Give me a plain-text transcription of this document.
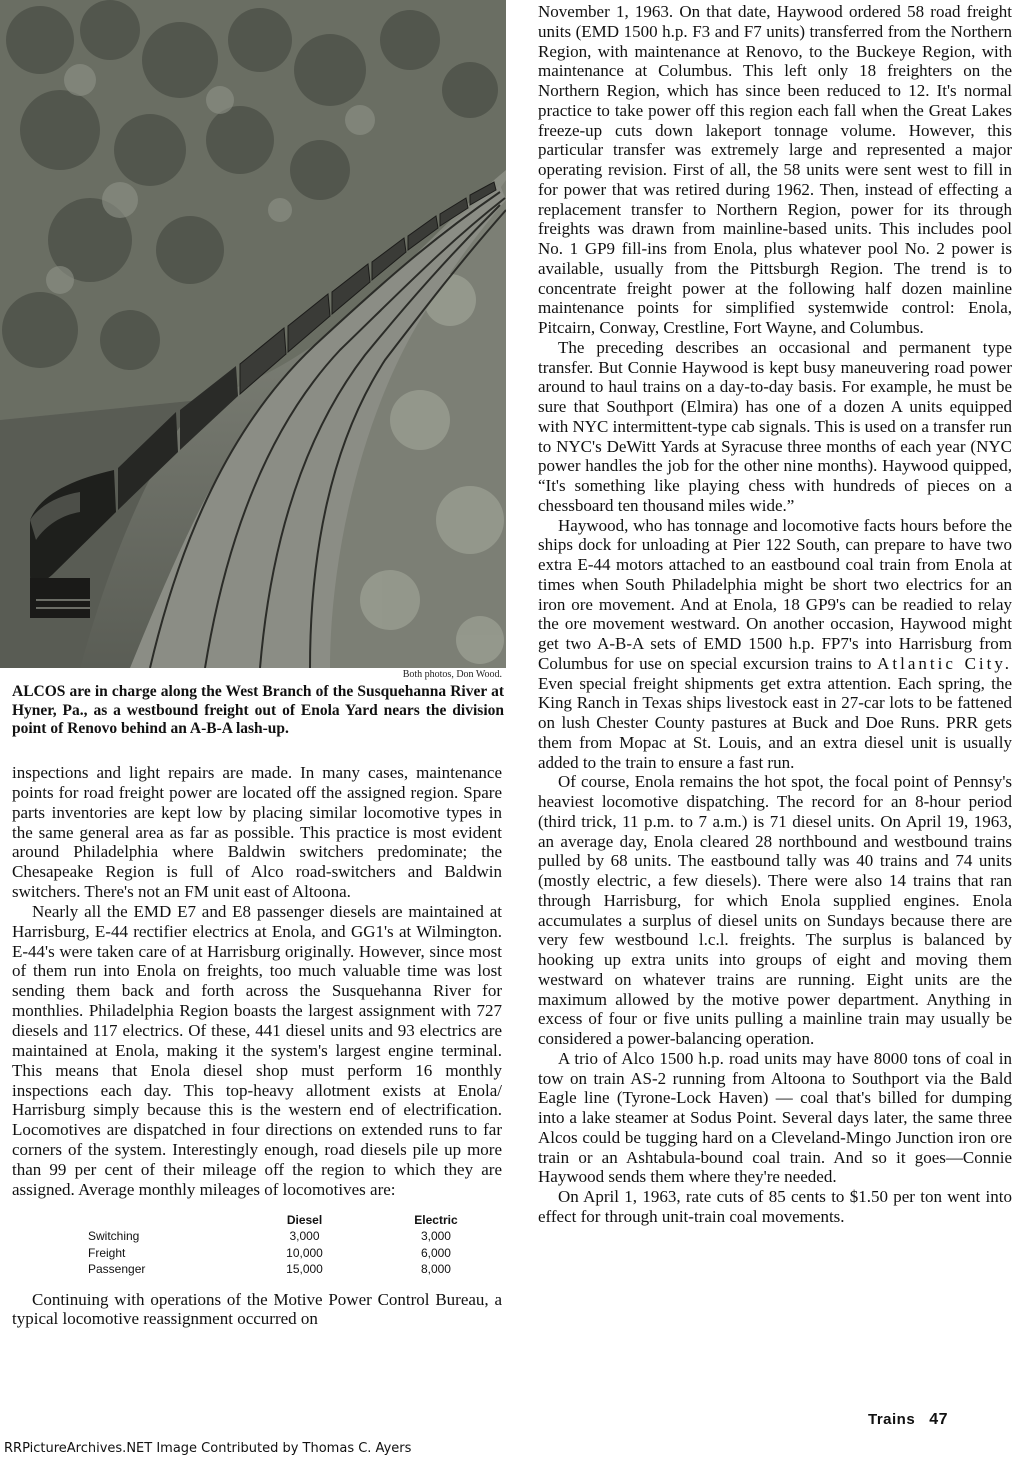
Both photos, Don Wood.
ALCOS are in charge along the West Branch of the Susquehanna River at Hyner, Pa., as a westbound freight out of Enola Yard nears the division point of Renovo behind an A-B-A lash-up.

inspections and light repairs are made. In many cases, maintenance points for road freight power are located off the assigned region. Spare parts inventories are kept low by placing similar locomotive types in the same general area as far as possible. This practice is most evident around Philadelphia where Baldwin switchers predominate; the Chesapeake Region is full of Alco road-switchers and Baldwin switchers. There's not an FM unit east of Altoona.

Nearly all the EMD E7 and E8 passenger diesels are maintained at Harrisburg, E-44 rectifier electrics at Enola, and GG1's at Wilmington. E-44's were taken care of at Harrisburg originally. However, since most of them run into Enola on freights, too much valuable time was lost sending them back and forth across the Susquehanna River for monthlies. Philadelphia Region boasts the largest assignment with 727 diesels and 117 electrics. Of these, 441 diesel units and 93 electrics are maintained at Enola, making it the system's largest engine terminal. This means that Enola diesel shop must perform 16 monthly inspections each day. This top-heavy allotment exists at Enola/ Harrisburg simply because this is the western end of electrification. Locomotives are dispatched in four directions on extended runs to far corners of the system. Interestingly enough, road diesels pile up more than 99 per cent of their mileage off the region to which they are assigned. Average monthly mileages of locomotives are:

	Diesel	Electric
Switching	3,000	3,000
Freight	10,000	6,000
Passenger	15,000	8,000

Continuing with operations of the Motive Power Control Bureau, a typical locomotive reassignment occurred on

November 1, 1963. On that date, Haywood ordered 58 road freight units (EMD 1500 h.p. F3 and F7 units) transferred from the Northern Region, with maintenance at Renovo, to the Buckeye Region, with maintenance at Columbus. This left only 18 freighters on the Northern Region, which has since been reduced to 12. It's normal practice to take power off this region each fall when the Great Lakes freeze-up cuts down lakeport tonnage volume. However, this particular transfer was extremely large and represented a major operating revision. First of all, the 58 units were sent west to fill in for power that was retired during 1962. Then, instead of effecting a replacement transfer to Northern Region, power for its through freights was drawn from mainline-based units. This includes pool No. 1 GP9 fill-ins from Enola, plus whatever pool No. 2 power is available, usually from the Pittsburgh Region. The trend is to concentrate freight power at the following half dozen mainline maintenance points for simplified systemwide control: Enola, Pitcairn, Conway, Crestline, Fort Wayne, and Columbus.

The preceding describes an occasional and permanent type transfer. But Connie Haywood is kept busy maneuvering road power around to haul trains on a day-to-day basis. For example, he must be sure that Southport (Elmira) has one of a dozen A units equipped with NYC intermittent-type cab signals. This is used on a transfer run to NYC's DeWitt Yards at Syracuse three months of each year (NYC power handles the job for the other nine months). Haywood quipped, “It's something like playing chess with hundreds of pieces on a chessboard ten thousand miles wide.”

Haywood, who has tonnage and locomotive facts hours before the ships dock for unloading at Pier 122 South, can prepare to have two extra E-44 motors attached to an eastbound coal train from Enola at times when South Philadelphia might be short two electrics for an iron ore movement. And at Enola, 18 GP9's can be readied to relay the ore movement westward. On another occasion, Haywood might get two A-B-A sets of EMD 1500 h.p. FP7's into Harrisburg from Columbus for use on special excursion trains to Atlantic City. Even special freight shipments get extra attention. Each spring, the King Ranch in Texas ships livestock east in 27-car lots to be fattened on lush Chester County pastures at Buck and Doe Runs. PRR gets them from Mopac at St. Louis, and an extra diesel unit is usually added to the train to ensure a fast run.

Of course, Enola remains the hot spot, the focal point of Pennsy's heaviest locomotive dispatching. The record for an 8-hour period (third trick, 11 p.m. to 7 a.m.) is 71 diesel units. On April 19, 1963, an average day, Enola cleared 28 northbound and westbound trains pulled by 68 units. The eastbound tally was 40 trains and 74 units (mostly electric, a few diesels). There were also 14 trains that ran through Harrisburg, for which Enola supplied engines. Enola accumulates a surplus of diesel units on Sundays because there are very few westbound l.c.l. freights. The surplus is balanced by hooking up extra units into groups of eight and moving them westward on whatever trains are running. Eight units are the maximum allowed by the motive power department. Anything in excess of four or five units pulling a mainline train may usually be considered a power-balancing operation.

A trio of Alco 1500 h.p. road units may have 8000 tons of coal in tow on train AS-2 running from Altoona to Southport via the Bald Eagle line (Tyrone-Lock Haven) — coal that's billed for dumping into a lake steamer at Sodus Point. Several days later, the same three Alcos could be tugging hard on a Cleveland-Mingo Junction iron ore train or an Ashtabula-bound coal train. And so it goes—Connie Haywood sends them where they're needed.

On April 1, 1963, rate cuts of 85 cents to $1.50 per ton went into effect for through unit-train coal movements.

Trains 47
RRPictureArchives.NET Image Contributed by Thomas C. Ayers
